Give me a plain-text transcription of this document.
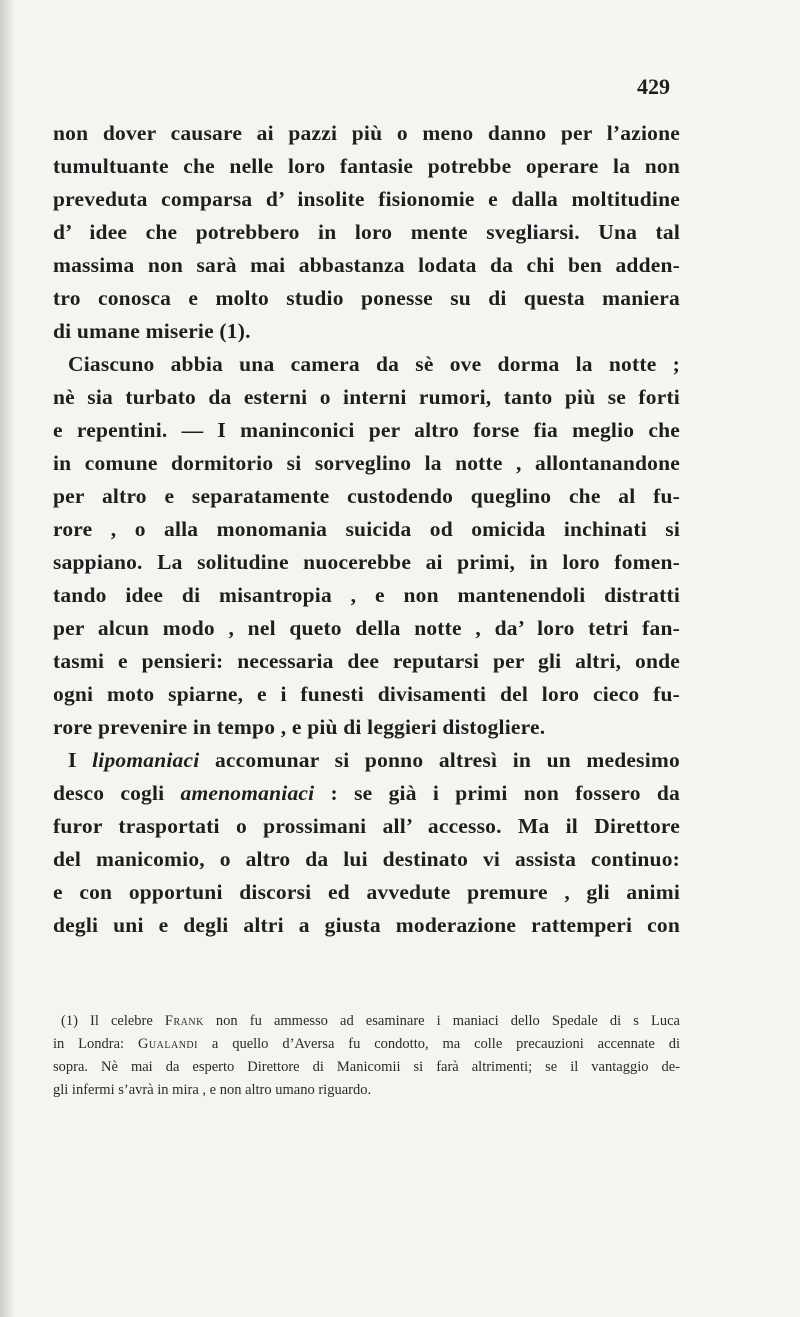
429
non dover causare ai pazzi più o meno danno per l’azione
tumultuante che nelle loro fantasie potrebbe operare la non
preveduta comparsa d’ insolite fisionomie e dalla moltitudine
d’ idee che potrebbero in loro mente svegliarsi. Una tal
massima non sarà mai abbastanza lodata da chi ben adden-
tro conosca e molto studio ponesse su di questa maniera
di umane miserie (1).
Ciascuno abbia una camera da sè ove dorma la notte ;
nè sia turbato da esterni o interni rumori, tanto più se forti
e repentini. — I maninconici per altro forse fia meglio che
in comune dormitorio si sorveglino la notte , allontanandone
per altro e separatamente custodendo queglino che al fu-
rore , o alla monomania suicida od omicida inchinati si
sappiano. La solitudine nuocerebbe ai primi, in loro fomen-
tando idee di misantropia , e non mantenendoli distratti
per alcun modo , nel queto della notte , da’ loro tetri fan-
tasmi e pensieri: necessaria dee reputarsi per gli altri, onde
ogni moto spiarne, e i funesti divisamenti del loro cieco fu-
rore prevenire in tempo , e più di leggieri distogliere.
I lipomaniaci accomunar si ponno altresì in un medesimo
desco cogli amenomaniaci : se già i primi non fossero da
furor trasportati o prossimani all’ accesso. Ma il Direttore
del manicomio, o altro da lui destinato vi assista continuo:
e con opportuni discorsi ed avvedute premure , gli animi
degli uni e degli altri a giusta moderazione rattemperi con
(1) Il celebre Frank non fu ammesso ad esaminare i maniaci dello Spedale di s Luca
in Londra: Gualandi a quello d’Aversa fu condotto, ma colle precauzioni accennate di
sopra. Nè mai da esperto Direttore di Manicomii si farà altrimenti; se il vantaggio de-
gli infermi s’avrà in mira , e non altro umano riguardo.
